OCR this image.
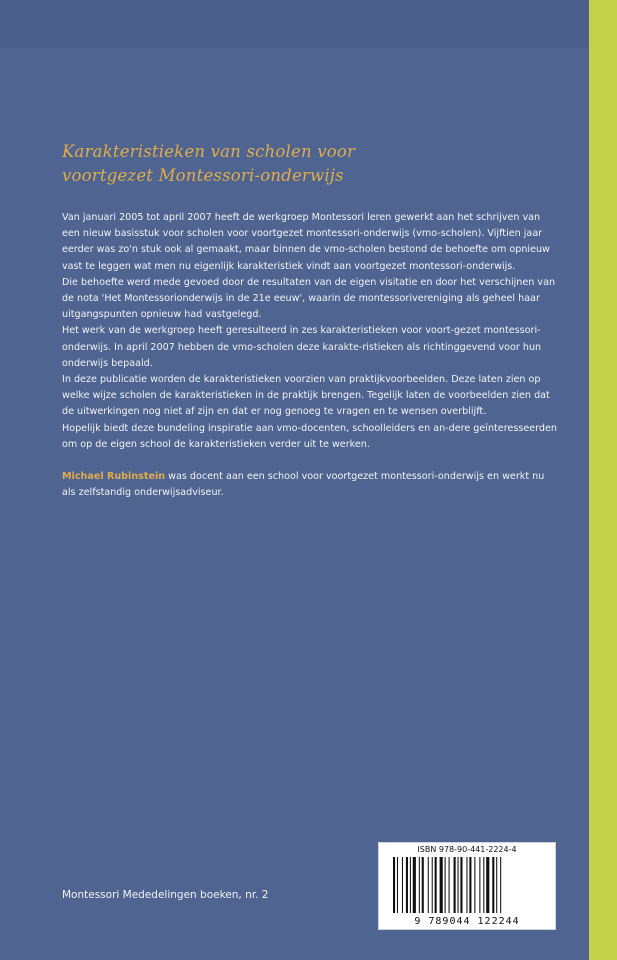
Karakteristieken van scholen voor
voortgezet Montessori-onderwijs

Van januari 2005 tot april 2007 heeft de werkgroep Montessori leren gewerkt aan het schrijven van een nieuw basisstuk voor scholen voor voortgezet montessori-onderwijs (vmo-scholen). Vijftien jaar eerder was zo'n stuk ook al gemaakt, maar binnen de vmo-scholen bestond de behoefte om opnieuw vast te leggen wat men nu eigenlijk karakteristiek vindt aan voortgezet montessori-onderwijs.

Die behoefte werd mede gevoed door de resultaten van de eigen visitatie en door het verschijnen van de nota 'Het Montessorionderwijs in de 21e eeuw', waarin de montessorivereniging als geheel haar uitgangspunten opnieuw had vastgelegd.

Het werk van de werkgroep heeft geresulteerd in zes karakteristieken voor voort-gezet montessori-onderwijs. In april 2007 hebben de vmo-scholen deze karakte-ristieken als richtinggevend voor hun onderwijs bepaald.

In deze publicatie worden de karakteristieken voorzien van praktijkvoorbeelden. Deze laten zien op welke wijze scholen de karakteristieken in de praktijk brengen. Tegelijk laten de voorbeelden zien dat de uitwerkingen nog niet af zijn en dat er nog genoeg te vragen en te wensen overblijft.

Hopelijk biedt deze bundeling inspiratie aan vmo-docenten, schoolleiders en an-dere geïnteresseerden om op de eigen school de karakteristieken verder uit te werken.

Michael Rubinstein was docent aan een school voor voortgezet montessori-onderwijs en werkt nu als zelfstandig onderwijsadviseur.

Montessori Mededelingen boeken, nr. 2
ISBN 978-90-441-2224-4
9 789044 122244
